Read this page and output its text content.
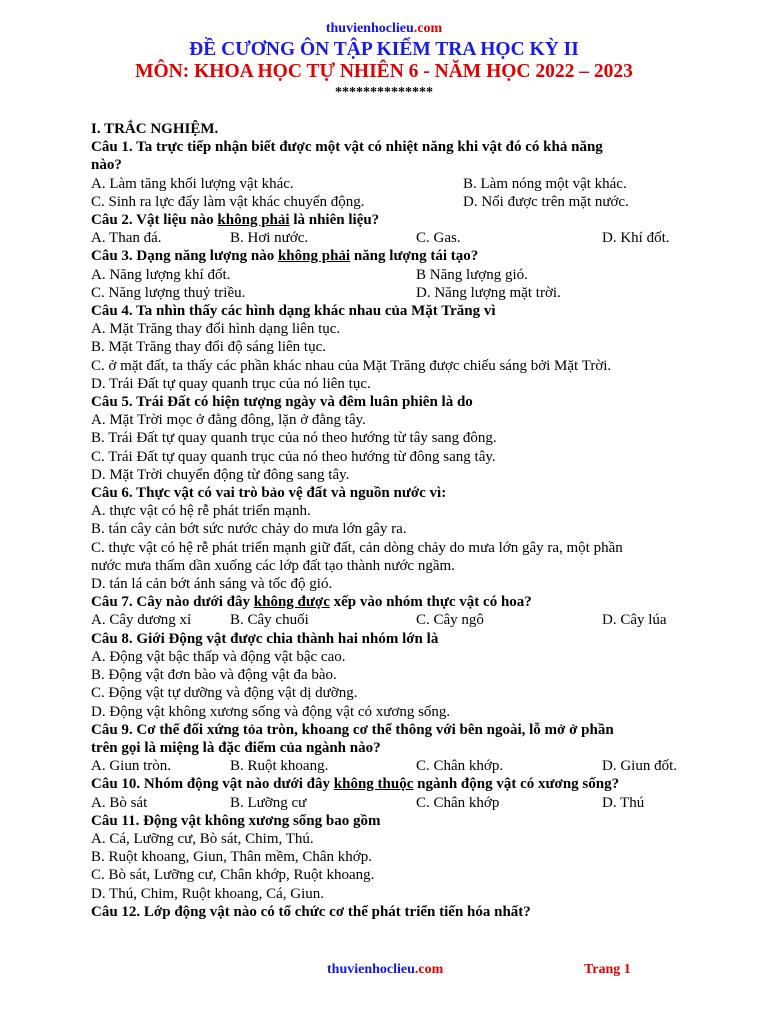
thuvienhoclieu.com
ĐỀ CƯƠNG ÔN TẬP KIỂM TRA HỌC KỲ II
MÔN: KHOA HỌC TỰ NHIÊN 6 - NĂM HỌC 2022 – 2023
**************
I. TRẮC NGHIỆM.
Câu 1. Ta trực tiếp nhận biết được một vật có nhiệt năng khi vật đó có khả năng
nào?
A. Làm tăng khối lượng vật khác.	B. Làm nóng một vật khác.
C. Sinh ra lực đẩy làm vật khác chuyển động.	D. Nổi được trên mặt nước.
Câu 2. Vật liệu nào không phải là nhiên liệu?
A. Than đá.	B. Hơi nước.	C. Gas.	D. Khí đốt.
Câu 3. Dạng năng lượng nào không phải năng lượng tái tạo?
A. Năng lượng khí đốt.	B Năng lượng gió.
C. Năng lượng thuỷ triều.	D. Năng lượng mặt trời.
Câu 4. Ta nhìn thấy các hình dạng khác nhau của Mặt Trăng vì
A. Mặt Trăng thay đổi hình dạng liên tục.
B. Mặt Trăng thay đổi độ sáng liên tục.
C. ở mặt đất, ta thấy các phần khác nhau của Mặt Trăng được chiếu sáng bởi Mặt Trời.
D. Trái Đất tự quay quanh trục của nó liên tục.
Câu 5. Trái Đất có hiện tượng ngày và đêm luân phiên là do
A. Mặt Trời mọc ở đằng đông, lặn ở đằng tây.
B. Trái Đất tự quay quanh trục của nó theo hướng từ tây sang đông.
C. Trái Đất tự quay quanh trục của nó theo hướng từ đông sang tây.
D. Mặt Trời chuyển động từ đông sang tây.
Câu 6. Thực vật có vai trò bảo vệ đất và nguồn nước vì:
A. thực vật có hệ rễ phát triển mạnh.
B. tán cây cản bớt sức nước chảy do mưa lớn gây ra.
C. thực vật có hệ rễ phát triển mạnh giữ đất, cản dòng chảy do mưa lớn gây ra, một phần
nước mưa thấm dần xuống các lớp đất tạo thành nước ngầm.
D. tán lá cản bớt ánh sáng và tốc độ gió.
Câu 7. Cây nào dưới đây không được xếp vào nhóm thực vật có hoa?
A. Cây dương xỉ	B. Cây chuối	C. Cây ngô	D. Cây lúa
Câu 8. Giới Động vật được chia thành hai nhóm lớn là
A. Động vật bậc thấp và động vật bậc cao.
B. Động vật đơn bào và động vật đa bào.
C. Động vật tự dưỡng và động vật dị dưỡng.
D. Động vật không xương sống và động vật có xương sống.
Câu 9. Cơ thể đối xứng tỏa tròn, khoang cơ thể thông với bên ngoài, lỗ mở ở phần
trên gọi là miệng là đặc điểm của ngành nào?
A. Giun tròn.	B. Ruột khoang.	C. Chân khớp.	D. Giun đốt.
Câu 10. Nhóm động vật nào dưới đây không thuộc ngành động vật có xương sống?
A. Bò sát	B. Lưỡng cư	C. Chân khớp	D. Thú
Câu 11. Động vật không xương sống bao gồm
A. Cá, Lưỡng cư, Bò sát, Chim, Thú.
B. Ruột khoang, Giun, Thân mềm, Chân khớp.
C. Bò sát, Lưỡng cư, Chân khớp, Ruột khoang.
D. Thú, Chim, Ruột khoang, Cá, Giun.
Câu 12. Lớp động vật nào có tổ chức cơ thể phát triển tiến hóa nhất?
thuvienhoclieu.com	Trang 1
